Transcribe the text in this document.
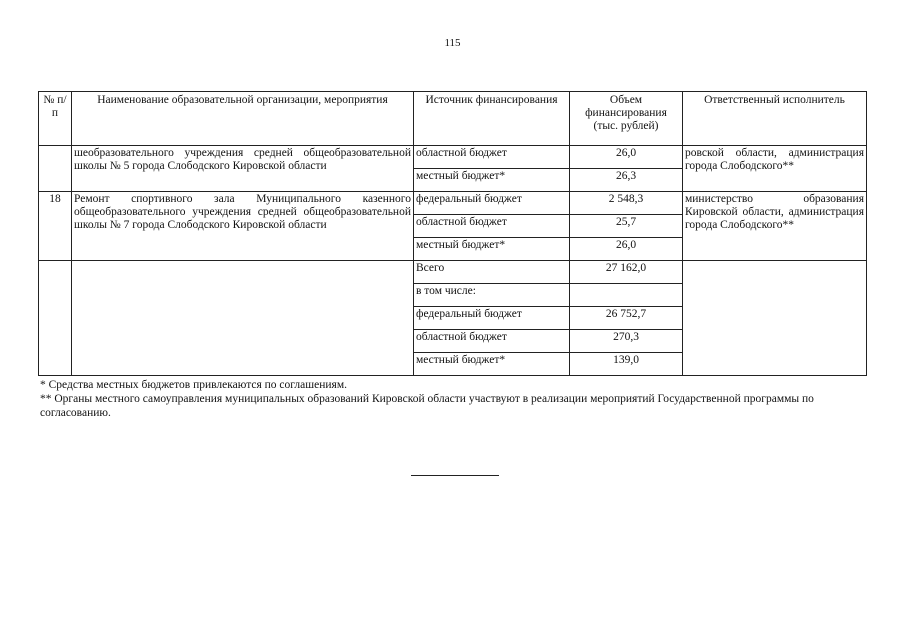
115
№ п/п	Наименование образовательной организации, мероприятия	Источник финансирования	Объем финансирования (тыс. рублей)	Ответственный исполнитель
	шеобразовательного учреждения средней общеобразовательной школы № 5 города Слободского Кировской области	областной бюджет	26,0	ровской области, администрация города Слободского**
		местный бюджет*	26,3	
18	Ремонт спортивного зала Муниципального казенного общеобразовательного учреждения средней общеобразовательной школы № 7 города Слободского Кировской области	федеральный бюджет	2 548,3	министерство образования Кировской области, администрация города Слободского**
		областной бюджет	25,7	
		местный бюджет*	26,0	
		Всего	27 162,0	
		в том числе:		
		федеральный бюджет	26 752,7	
		областной бюджет	270,3	
		местный бюджет*	139,0	
* Средства местных бюджетов привлекаются по соглашениям.
** Органы местного самоуправления муниципальных образований Кировской области участвуют в реализации мероприятий Государственной программы по согласованию.
